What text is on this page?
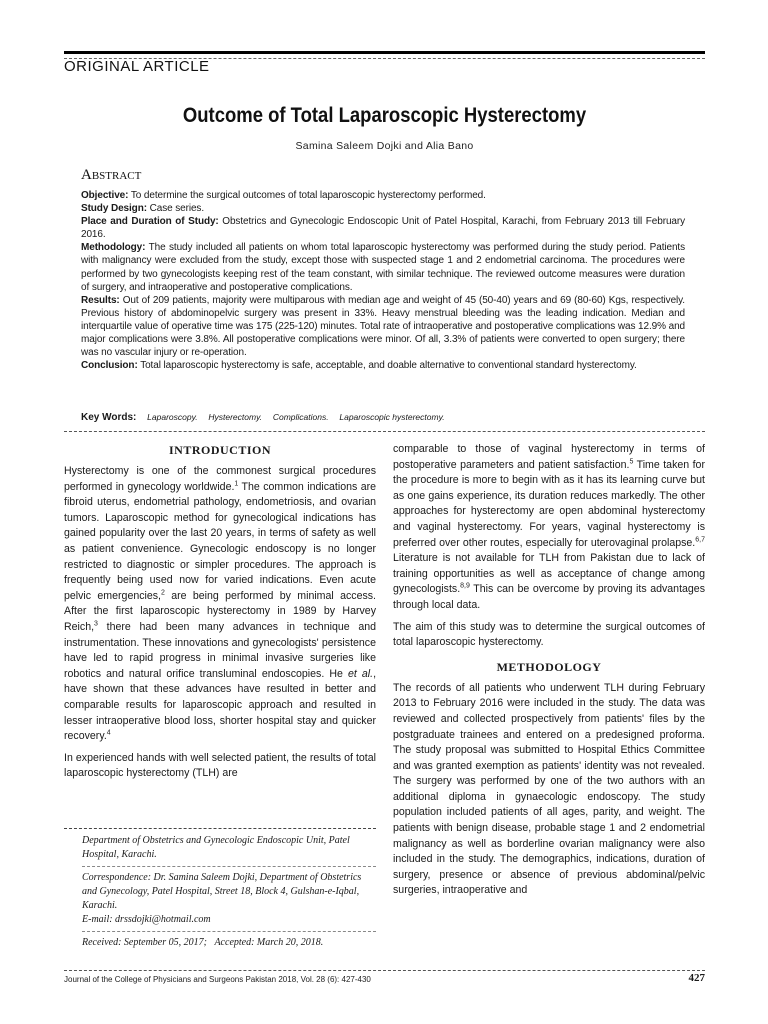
ORIGINAL ARTICLE
Outcome of Total Laparoscopic Hysterectomy
Samina Saleem Dojki and Alia Bano
Abstract

Objective: To determine the surgical outcomes of total laparoscopic hysterectomy performed.

Study Design: Case series.

Place and Duration of Study: Obstetrics and Gynecologic Endoscopic Unit of Patel Hospital, Karachi, from February 2013 till February 2016.

Methodology: The study included all patients on whom total laparoscopic hysterectomy was performed during the study period. Patients with malignancy were excluded from the study, except those with suspected stage 1 and 2 endometrial carcinoma. The procedures were performed by two gynecologists keeping rest of the team constant, with similar technique. The reviewed outcome measures were duration of surgery, and intraoperative and postoperative complications.

Results: Out of 209 patients, majority were multiparous with median age and weight of 45 (50-40) years and 69 (80-60) Kgs, respectively. Previous history of abdominopelvic surgery was present in 33%. Heavy menstrual bleeding was the leading indication. Median and interquartile value of operative time was 175 (225-120) minutes. Total rate of intraoperative and postoperative complications was 12.9% and major complications were 3.8%. All postoperative complications were minor. Of all, 3.3% of patients were converted to open surgery; there was no vascular injury or re-operation.

Conclusion: Total laparoscopic hysterectomy is safe, acceptable, and doable alternative to conventional standard hysterectomy.

Key Words: Laparoscopy. Hysterectomy. Complications. Laparoscopic hysterectomy.
INTRODUCTION

Hysterectomy is one of the commonest surgical procedures performed in gynecology worldwide.$^1$ The common indications are fibroid uterus, endometrial pathology, endometriosis, and ovarian tumors. Laparoscopic method for gynecological indications has gained popularity over the last 20 years, in terms of safety as well as patient convenience. Gynecologic endoscopy is no longer restricted to diagnostic or simpler procedures. The approach is frequently being used now for varied indications. Even acute pelvic emergencies,$^2$ are being performed by minimal access. After the first laparoscopic hysterectomy in 1989 by Harvey Reich,$^3$ there had been many advances in technique and instrumentation. These innovations and gynecologists' persistence have led to rapid progress in minimal invasive surgeries like robotics and natural orifice transluminal endoscopies. He et al., have shown that these advances have resulted in better and comparable results for laparoscopic approach and resulted in lesser intraoperative blood loss, shorter hospital stay and quicker recovery.$^4$

In experienced hands with well selected patient, the results of total laparoscopic hysterectomy (TLH) are

Department of Obstetrics and Gynecologic Endoscopic Unit, Patel Hospital, Karachi.

Correspondence: Dr. Samina Saleem Dojki, Department of Obstetrics and Gynecology, Patel Hospital, Street 18, Block 4, Gulshan-e-Iqbal, Karachi.

E-mail: drssdojki@hotmail.com

Received: September 05, 2017; Accepted: March 20, 2018.

comparable to those of vaginal hysterectomy in terms of postoperative parameters and patient satisfaction.$^5$ Time taken for the procedure is more to begin with as it has its learning curve but as one gains experience, its duration reduces markedly. The other approaches for hysterectomy are open abdominal hysterectomy and vaginal hysterectomy. For years, vaginal hysterectomy is preferred over other routes, especially for uterovaginal prolapse.$^{6,7}$ Literature is not available for TLH from Pakistan due to lack of training opportunities as well as acceptance of change among gynecologists.$^{8,9}$ This can be overcome by proving its advantages through local data.

The aim of this study was to determine the surgical outcomes of total laparoscopic hysterectomy.

METHODOLOGY

The records of all patients who underwent TLH during February 2013 to February 2016 were included in the study. The data was reviewed and collected prospectively from patients' files by the postgraduate trainees and entered on a predesigned proforma. The study proposal was submitted to Hospital Ethics Committee and was granted exemption as patients' identity was not revealed. The surgery was performed by one of the two authors with an additional diploma in gynaecologic endoscopy. The study population included patients of all ages, parity, and weight. The patients with benign disease, probable stage 1 and 2 endometrial malignancy as well as borderline ovarian malignancy were also included in the study. The demographics, indications, duration of surgery, presence or absence of previous abdominal/pelvic surgeries, intraoperative and

Journal of the College of Physicians and Surgeons Pakistan 2018, Vol. 28 (6): 427-430	427
